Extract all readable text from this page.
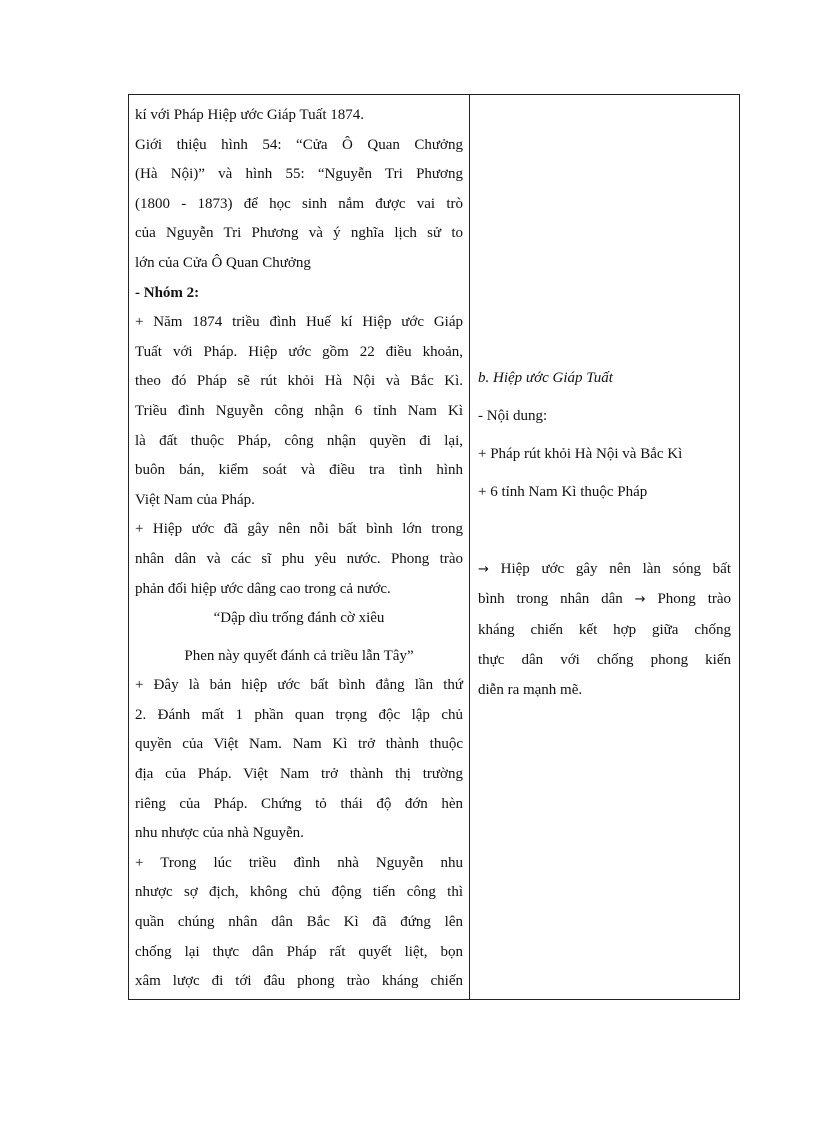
kí với Pháp Hiệp ước Giáp Tuất 1874.
Giới thiệu hình 54: “Cửa Ô Quan Chưởng
(Hà Nội)” và hình 55: “Nguyễn Tri Phương
(1800 - 1873) để học sinh nắm được vai trò
của Nguyễn Tri Phương và ý nghĩa lịch sử to
lớn của Cửa Ô Quan Chưởng
- Nhóm 2:
+ Năm 1874 triều đình Huế kí Hiệp ước Giáp
Tuất với Pháp. Hiệp ước gồm 22 điều khoản,
theo đó Pháp sẽ rút khỏi Hà Nội và Bắc Kì.
Triều đình Nguyễn công nhận 6 tỉnh Nam Kì
là đất thuộc Pháp, công nhận quyền đi lại,
buôn bán, kiểm soát và điều tra tình hình
Việt Nam của Pháp.
+ Hiệp ước đã gây nên nỗi bất bình lớn trong
nhân dân và các sĩ phu yêu nước. Phong trào
phản đối hiệp ước dâng cao trong cả nước.
“Dập dìu trống đánh cờ xiêu
Phen này quyết đánh cả triều lẫn Tây”
+ Đây là bản hiệp ước bất bình đẳng lần thứ
2. Đánh mất 1 phần quan trọng độc lập chủ
quyền của Việt Nam. Nam Kì trở thành thuộc
địa của Pháp. Việt Nam trở thành thị trường
riêng của Pháp. Chứng tỏ thái độ đớn hèn
nhu nhược của nhà Nguyễn.
+ Trong lúc triều đình nhà Nguyễn nhu
nhược sợ địch, không chủ động tiến công thì
quần chúng nhân dân Bắc Kì đã đứng lên
chống lại thực dân Pháp rất quyết liệt, bọn
xâm lược đi tới đâu phong trào kháng chiến
b. Hiệp ước Giáp Tuất
- Nội dung:
+ Pháp rút khỏi Hà Nội và Bắc Kì
+ 6 tỉnh Nam Kì thuộc Pháp
→ Hiệp ước gây nên làn sóng bất
bình trong nhân dân → Phong trào
kháng chiến kết hợp giữa chống
thực dân với chống phong kiến
diễn ra mạnh mẽ.
